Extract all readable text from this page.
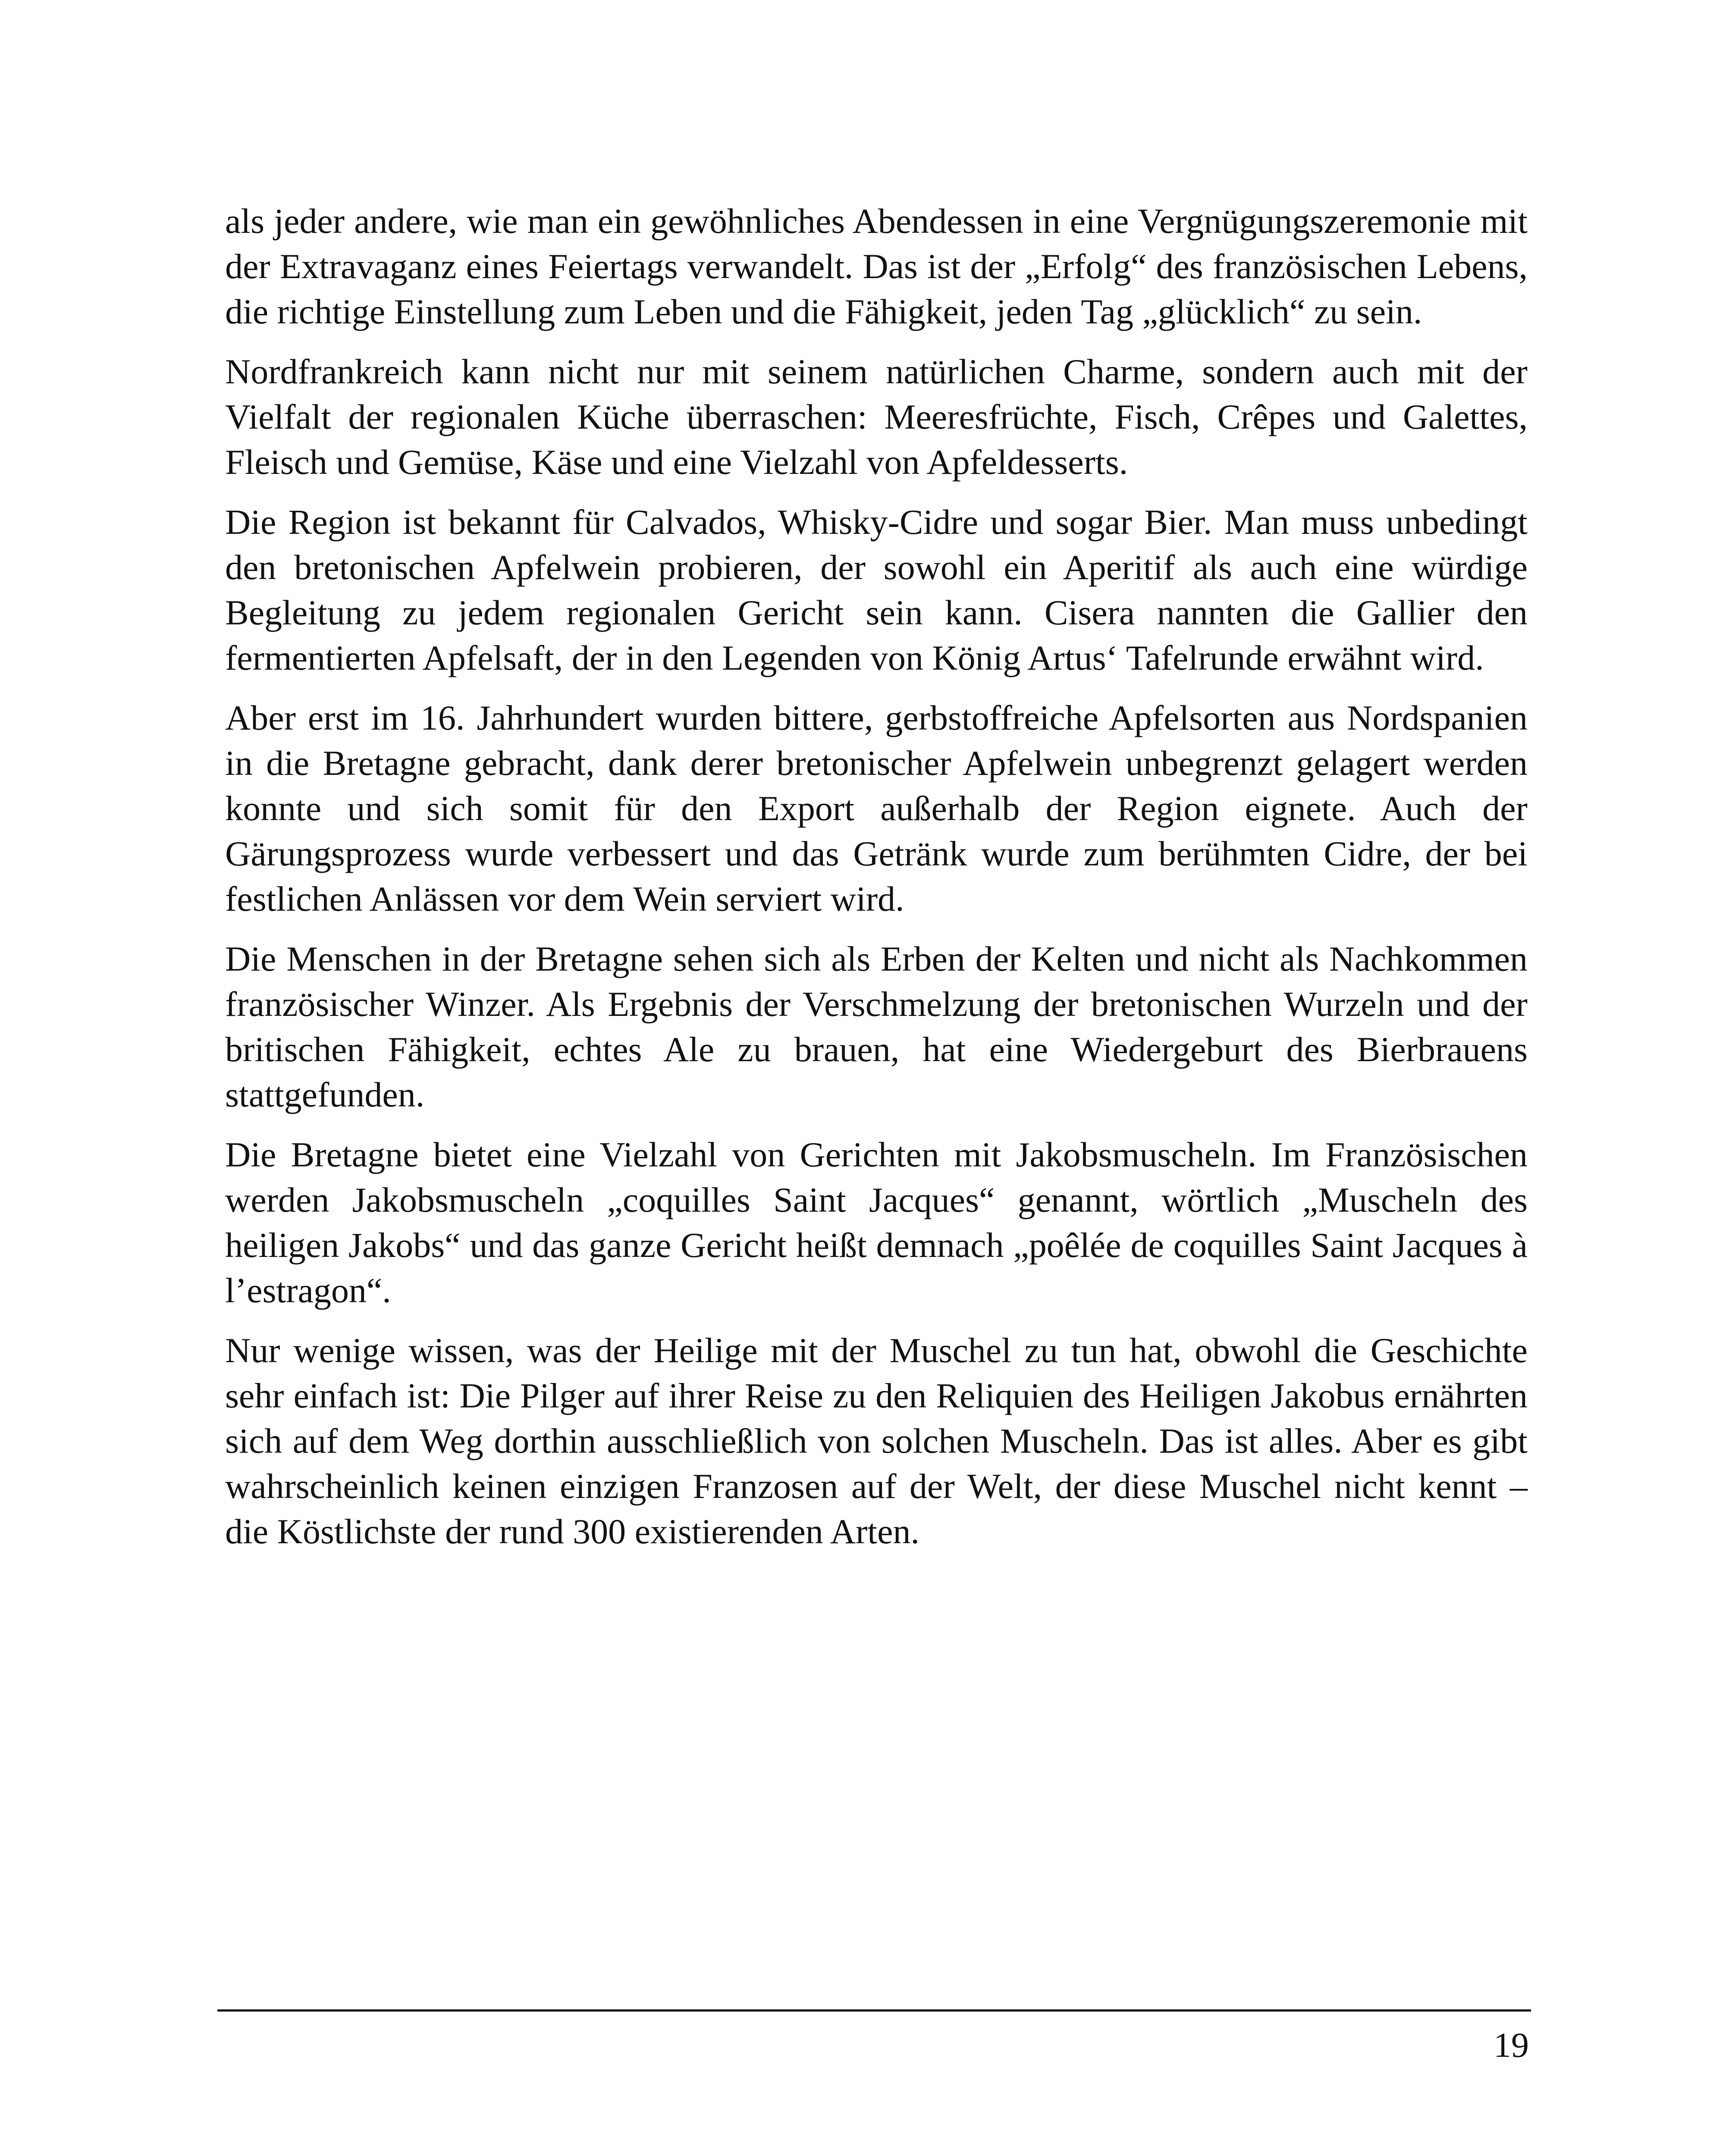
als jeder andere, wie man ein gewöhnliches Abendessen in eine Vergnügungszeremonie mit der Extravaganz eines Feiertags verwandelt. Das ist der „Erfolg“ des französischen Lebens, die richtige Einstellung zum Leben und die Fähigkeit, jeden Tag „glücklich“ zu sein.

Nordfrankreich kann nicht nur mit seinem natürlichen Charme, sondern auch mit der Vielfalt der regionalen Küche überraschen: Meeresfrüchte, Fisch, Crêpes und Galettes, Fleisch und Gemüse, Käse und eine Vielzahl von Apfeldesserts.

Die Region ist bekannt für Calvados, Whisky-Cidre und sogar Bier. Man muss unbedingt den bretonischen Apfelwein probieren, der sowohl ein Aperitif als auch eine würdige Begleitung zu jedem regionalen Gericht sein kann. Cisera nannten die Gallier den fermentierten Apfelsaft, der in den Legenden von König Artus‘ Tafelrunde erwähnt wird.

Aber erst im 16. Jahrhundert wurden bittere, gerbstoffreiche Apfelsorten aus Nordspanien in die Bretagne gebracht, dank derer bretonischer Apfelwein unbegrenzt gelagert werden konnte und sich somit für den Export außerhalb der Region eignete. Auch der Gärungsprozess wurde verbessert und das Getränk wurde zum berühmten Cidre, der bei festlichen Anlässen vor dem Wein serviert wird.

Die Menschen in der Bretagne sehen sich als Erben der Kelten und nicht als Nachkommen französischer Winzer. Als Ergebnis der Verschmelzung der bretonischen Wurzeln und der britischen Fähigkeit, echtes Ale zu brauen, hat eine Wiedergeburt des Bierbrauens stattgefunden.

Die Bretagne bietet eine Vielzahl von Gerichten mit Jakobsmuscheln. Im Französischen werden Jakobsmuscheln „coquilles Saint Jacques“ genannt, wörtlich „Muscheln des heiligen Jakobs“ und das ganze Gericht heißt demnach „poêlée de coquilles Saint Jacques à l’estragon“.

Nur wenige wissen, was der Heilige mit der Muschel zu tun hat, obwohl die Geschichte sehr einfach ist: Die Pilger auf ihrer Reise zu den Reliquien des Heiligen Jakobus ernährten sich auf dem Weg dorthin ausschließlich von solchen Muscheln. Das ist alles. Aber es gibt wahrscheinlich keinen einzigen Franzosen auf der Welt, der diese Muschel nicht kennt – die Köstlichste der rund 300 existierenden Arten.

19
